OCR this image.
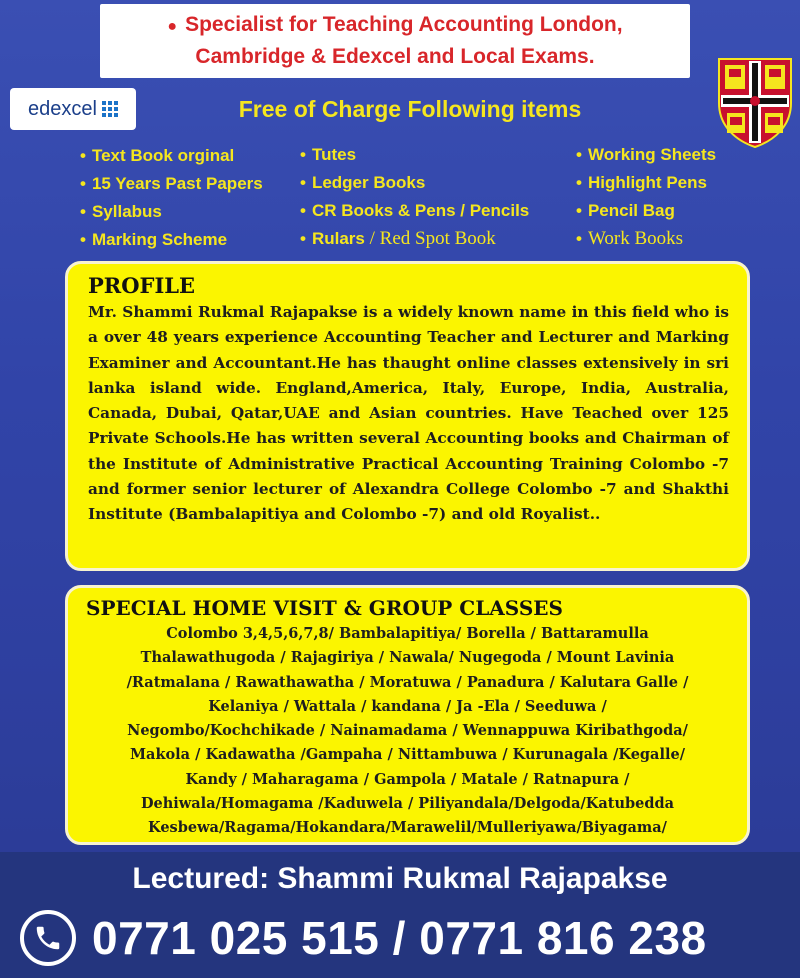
● Specialist for Teaching Accounting London,
Cambridge & Edexcel and Local Exams.
edexcel	Free of Charge Following items
• Text Book orginal
• 15 Years Past Papers
• Syllabus
• Marking Scheme
• Tutes
• Ledger Books
• CR Books & Pens / Pencils
• Rulars / Red Spot Book
• Working Sheets
• Highlight Pens
• Pencil Bag
• Work Books
PROFILE

Mr. Shammi Rukmal Rajapakse is a widely known name in this field who is a over 48 years experience Accounting Teacher and Lecturer and Marking Examiner and Accountant.He has thaught online classes extensively in sri lanka island wide. England,America, Italy, Europe, India, Australia, Canada, Dubai, Qatar,UAE and Asian countries. Have Teached over 125 Private Schools.He has written several Accounting books and Chairman of the Institute of Administrative Practical Accounting Training Colombo -7 and former senior lecturer of Alexandra College Colombo -7 and Shakthi Institute (Bambalapitiya and Colombo -7) and old Royalist..

SPECIAL HOME VISIT & GROUP CLASSES
Colombo 3,4,5,6,7,8/ Bambalapitiya/ Borella / Battaramulla
Thalawathugoda / Rajagiriya / Nawala/ Nugegoda / Mount Lavinia
/Ratmalana / Rawathawatha / Moratuwa / Panadura / Kalutara Galle /
Kelaniya / Wattala / kandana / Ja -Ela / Seeduwa /
Negombo/Kochchikade / Nainamadama / Wennappuwa Kiribathgoda/
Makola / Kadawatha /Gampaha / Nittambuwa / Kurunagala /Kegalle/
Kandy / Maharagama / Gampola / Matale / Ratnapura /
Dehiwala/Homagama /Kaduwela / Piliyandala/Delgoda/Katubedda
Kesbewa/Ragama/Hokandara/Marawelil/Mulleriyawa/Biyagama/
Lectured: Shammi Rukmal Rajapakse
0771 025 515 / 0771 816 238
